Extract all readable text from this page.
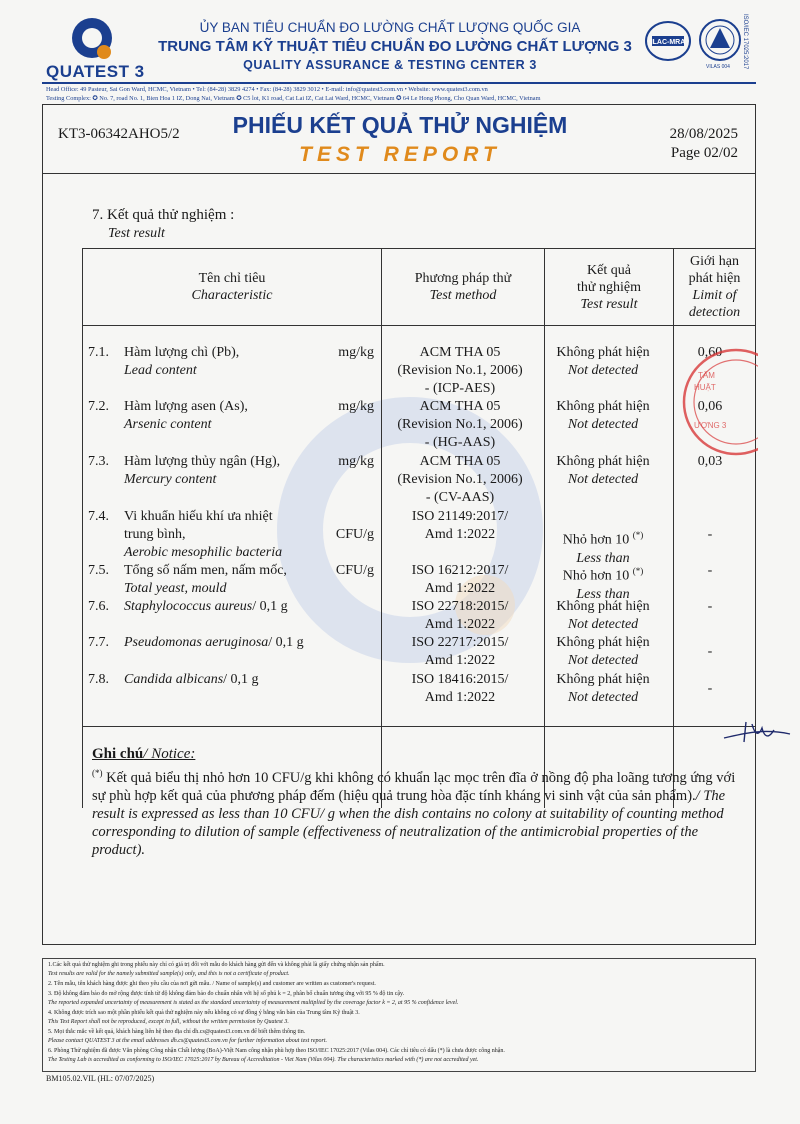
QUATEST 3
ỦY BAN TIÊU CHUẨN ĐO LƯỜNG CHẤT LƯỢNG QUỐC GIA
TRUNG TÂM KỸ THUẬT TIÊU CHUẨN ĐO LƯỜNG CHẤT LƯỢNG 3
QUALITY ASSURANCE & TESTING CENTER 3
ILAC-MRA
VILAS 004 ISO/IEC 17025:2017
Head Office: 49 Pasteur, Sai Gon Ward, HCMC, Vietnam • Tel: (84-28) 3829 4274 • Fax: (84-28) 3829 3012 • E-mail: info@quatest3.com.vn • Website: www.quatest3.com.vn
Testing Complex: ✪ No. 7, road No. 1, Bien Hoa 1 IZ, Dong Nai, Vietnam ✪ C5 lot, K1 road, Cat Lai IZ, Cat Lai Ward, HCMC, Vietnam ✪ 64 Le Hong Phong, Cho Quan Ward, HCMC, Vietnam
KT3-06342AHO5/2	PHIẾU KẾT QUẢ THỬ NGHIỆM
TEST REPORT
28/08/2025
Page 02/02
7. Kết quả thử nghiệm :
Test result
Tên chỉ tiêu
Characteristic	Phương pháp thử
Test method	Kết quả
thử nghiệm
Test result	Giới hạn
phát hiện
Limit of
detection

7.1.	Hàm lượng chì (Pb),
Lead content
mg/kg	ACM THA 05
(Revision No.1, 2006)
- (ICP-AES)
Không phát hiện
Not detected
0,60
7.2.	Hàm lượng asen (As),
Arsenic content
mg/kg	ACM THA 05
(Revision No.1, 2006)
- (HG-AAS)
Không phát hiện
Not detected
0,06
7.3.	Hàm lượng thủy ngân (Hg),
Mercury content
mg/kg	ACM THA 05
(Revision No.1, 2006)
- (CV-AAS)
Không phát hiện
Not detected
0,03
7.4.	Vi khuẩn hiếu khí ưa nhiệt
trung bình,
Aerobic mesophilic bacteria
CFU/g
ISO 21149:2017/
Amd 1:2022	Nhỏ hơn 10 (*)
Less than
-
7.5.	Tổng số nấm men, nấm mốc,
Total yeast, mould
CFU/g	ISO 16212:2017/
Amd 1:2022
Nhỏ hơn 10 (*)
Less than
-
7.6.	Staphylococcus aureus/ 0,1 g	ISO 22718:2015/
Amd 1:2022
Không phát hiện
Not detected
-
7.7.	Pseudomonas aeruginosa/ 0,1 g	ISO 22717:2015/
Amd 1:2022
Không phát hiện
Not detected
-
7.8.	Candida albicans/ 0,1 g	ISO 18416:2015/
Amd 1:2022
Không phát hiện
Not detected
-
TÂM
HUẬT
ƯỢNG 3
Ghi chú/ Notice:
(*) Kết quả biểu thị nhỏ hơn 10 CFU/g khi không có khuẩn lạc mọc trên đĩa ở nồng độ pha loãng tương ứng với sự phù hợp kết quả của phương pháp đếm (hiệu quả trung hòa đặc tính kháng vi sinh vật của sản phẩm)./ The result is expressed as less than 10 CFU/ g when the dish contains no colony at suitability of counting method corresponding to dilution of sample (effectiveness of neutralization of the antimicrobial properties of the product).
1.Các kết quả thử nghiệm ghi trong phiếu này chỉ có giá trị đối với mẫu do khách hàng gửi đến và không phải là giấy chứng nhận sản phẩm.
Test results are valid for the namely submitted sample(s) only, and this is not a certificate of product.
2. Tên mẫu, tên khách hàng được ghi theo yêu cầu của nơi gửi mẫu. / Name of sample(s) and customer are written as customer's request.
3. Độ không đảm bảo đo mở rộng được tính từ độ không đảm bảo đo chuẩn nhân với hệ số phủ k = 2, phân bố chuẩn tương ứng với 95 % độ tin cậy.
The reported expanded uncertainty of measurement is stated as the standard uncertainty of measurement multiplied by the coverage factor k = 2, at 95 % confidence level.
4. Không được trích sao một phần phiếu kết quả thử nghiệm này nếu không có sự đồng ý bằng văn bản của Trung tâm Kỹ thuật 3.
This Test Report shall not be reproduced, except in full, without the written permission by Quatest 3.
5. Mọi thắc mắc về kết quả, khách hàng liên hệ theo địa chỉ dh.cs@quatest3.com.vn để biết thêm thông tin.
Please contact QUATEST 3 at the email addresses dh.cs@quatest3.com.vn for further information about test report.
6. Phòng Thử nghiệm đã được Văn phòng Công nhận Chất lượng (BoA)-Việt Nam công nhận phù hợp theo ISO/IEC 17025:2017 (Vilas 004). Các chỉ tiêu có dấu (*) là chưa được công nhận.
The Testing Lab is accredited as conforming to ISO/IEC 17025:2017 by Bureau of Accreditation - Viet Nam (Vilas 004). The characteristics marked with (*) are not accredited yet.
BM105.02.VIL (HL: 07/07/2025)
